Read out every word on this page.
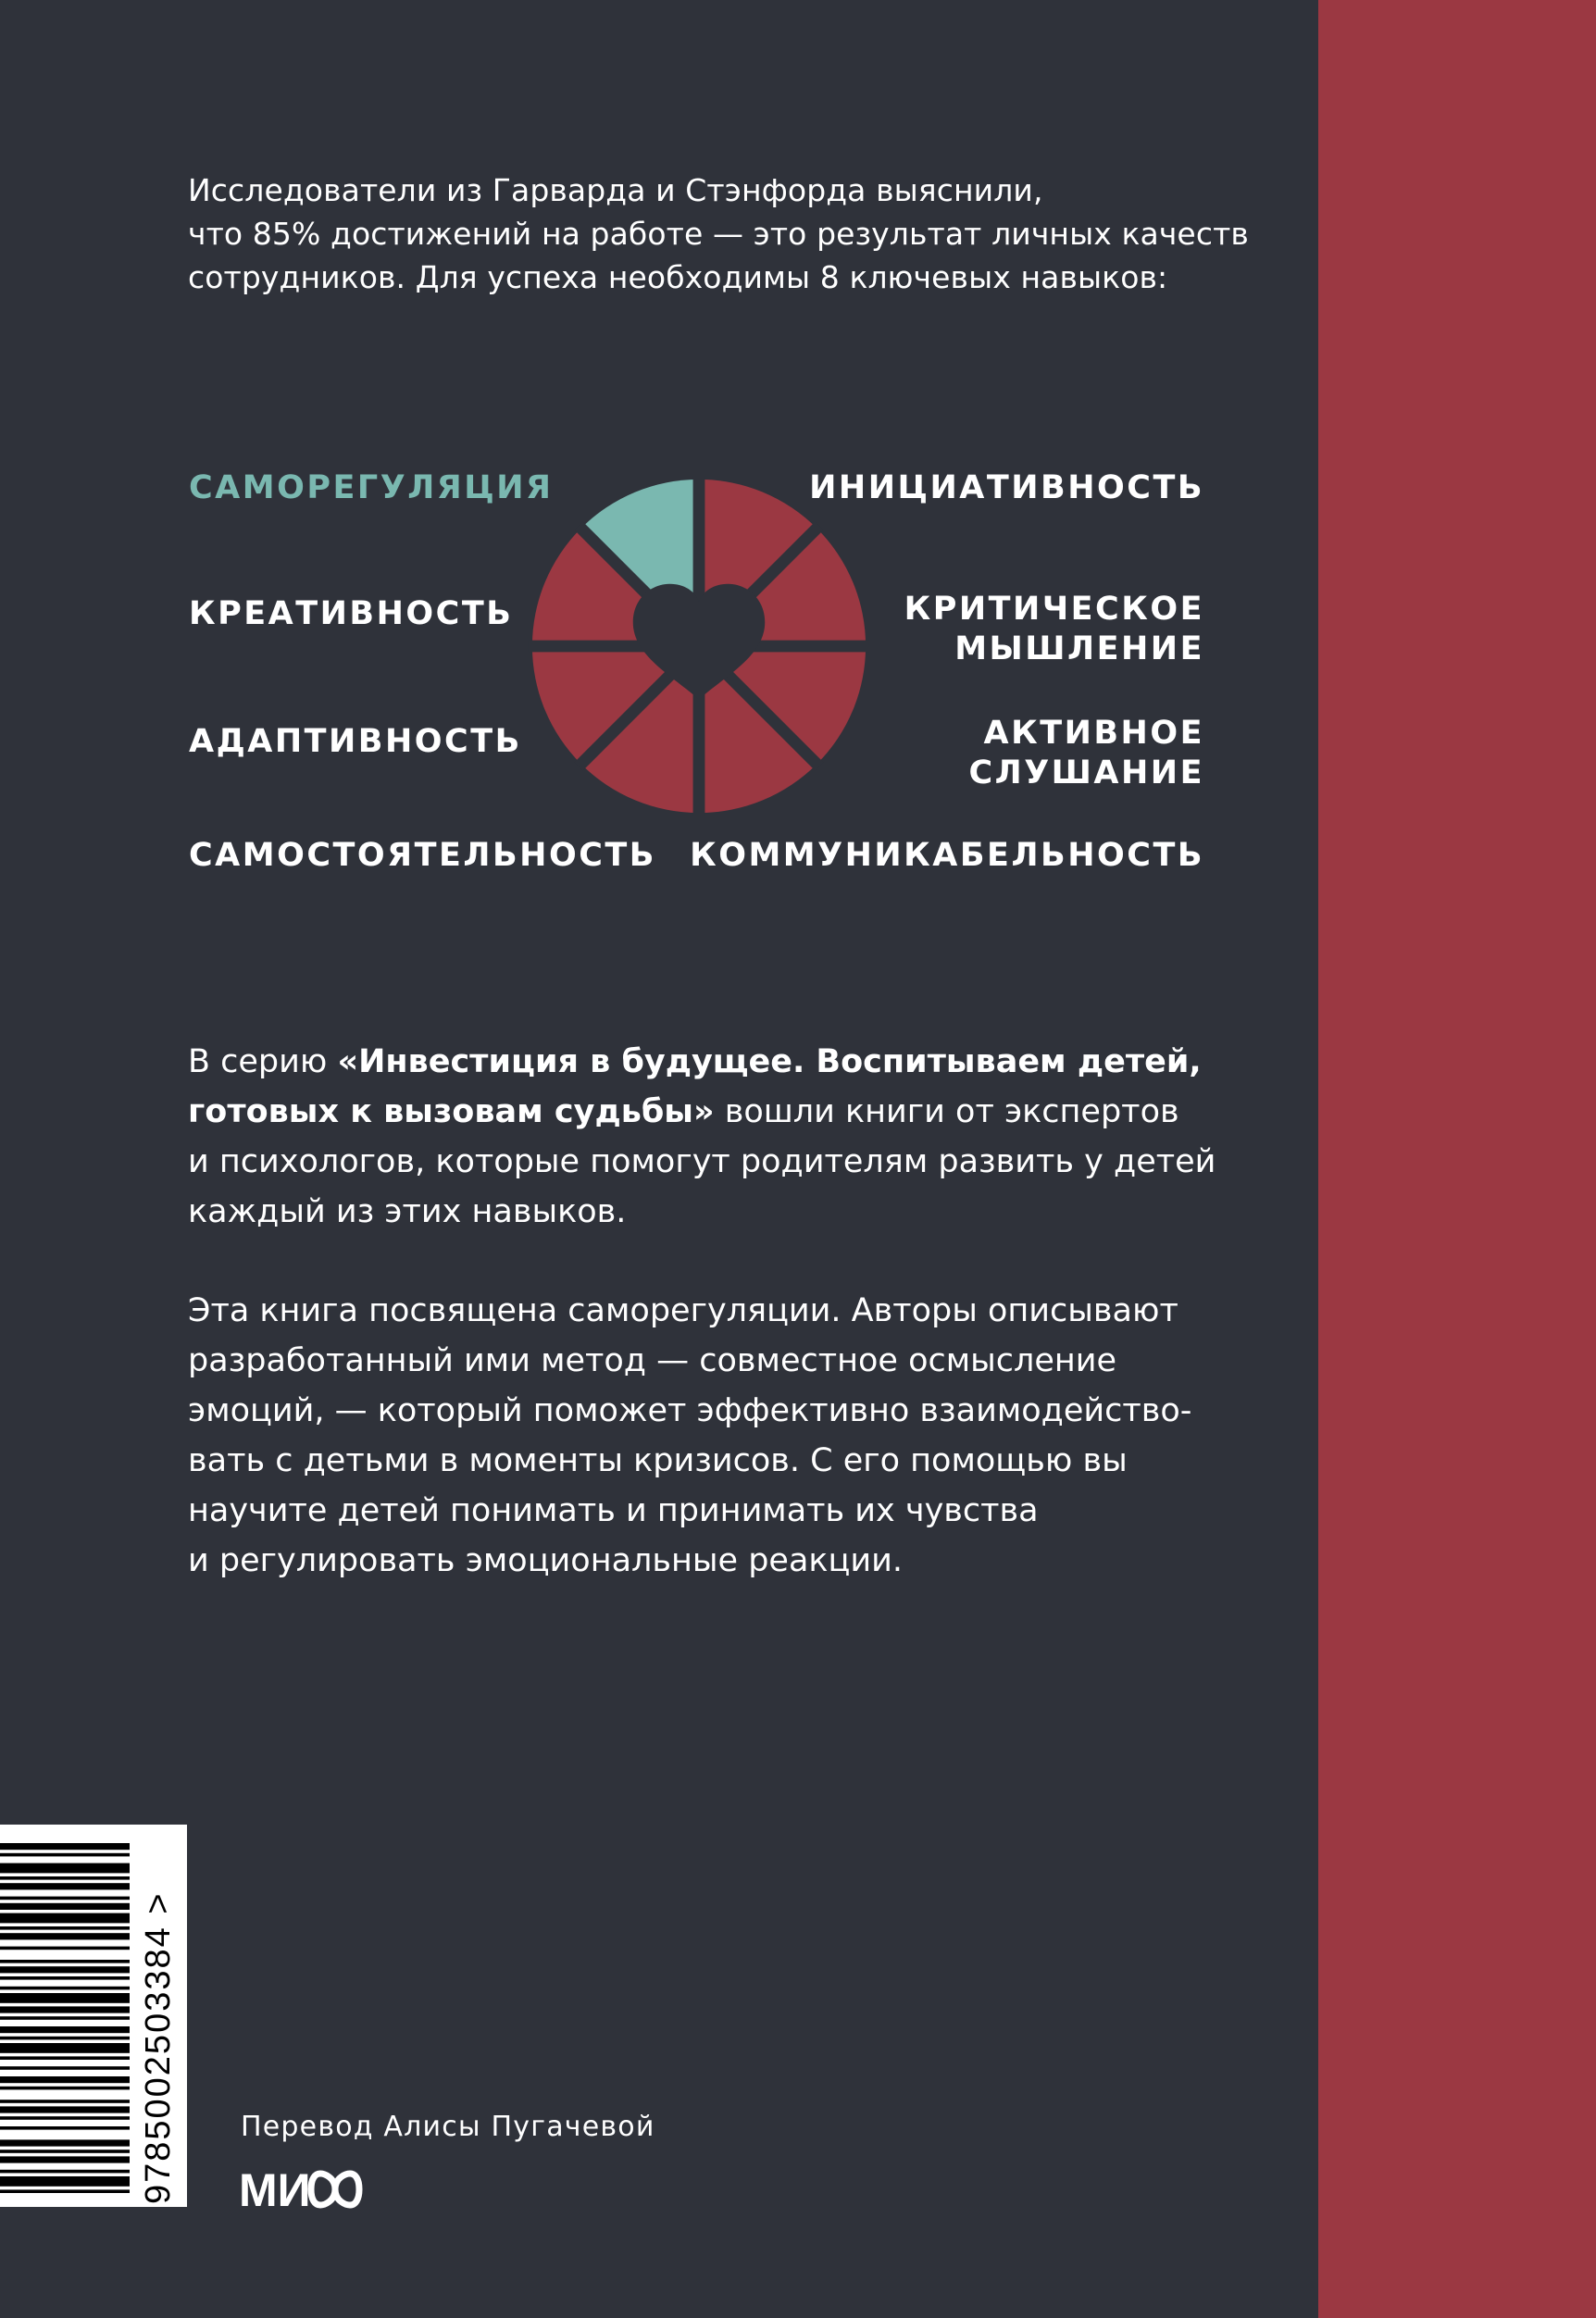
Исследователи из Гарварда и Стэнфорда выяснили,
что 85% достижений на работе — это результат личных качеств
сотрудников. Для успеха необходимы 8 ключевых навыков:

САМОРЕГУЛЯЦИЯ
КРЕАТИВНОСТЬ
АДАПТИВНОСТЬ
САМОСТОЯТЕЛЬНОСТЬ
ИНИЦИАТИВНОСТЬ
КРИТИЧЕСКОЕ
МЫШЛЕНИЕ
АКТИВНОЕ
СЛУШАНИЕ
КОММУНИКАБЕЛЬНОСТЬ

В серию «Инвестиция в будущее. Воспитываем детей,
готовых к вызовам судьбы» вошли книги от экспертов
и психологов, которые помогут родителям развить у детей
каждый из этих навыков.

Эта книга посвящена саморегуляции. Авторы описывают
разработанный ими метод — совместное осмысление
эмоций, — который поможет эффективно взаимодейство-
вать с детьми в моменты кризисов. С его помощью вы
научите детей понимать и принимать их чувства
и регулировать эмоциональные реакции.

9785002503384 > Перевод Алисы Пугачевой
МИ
